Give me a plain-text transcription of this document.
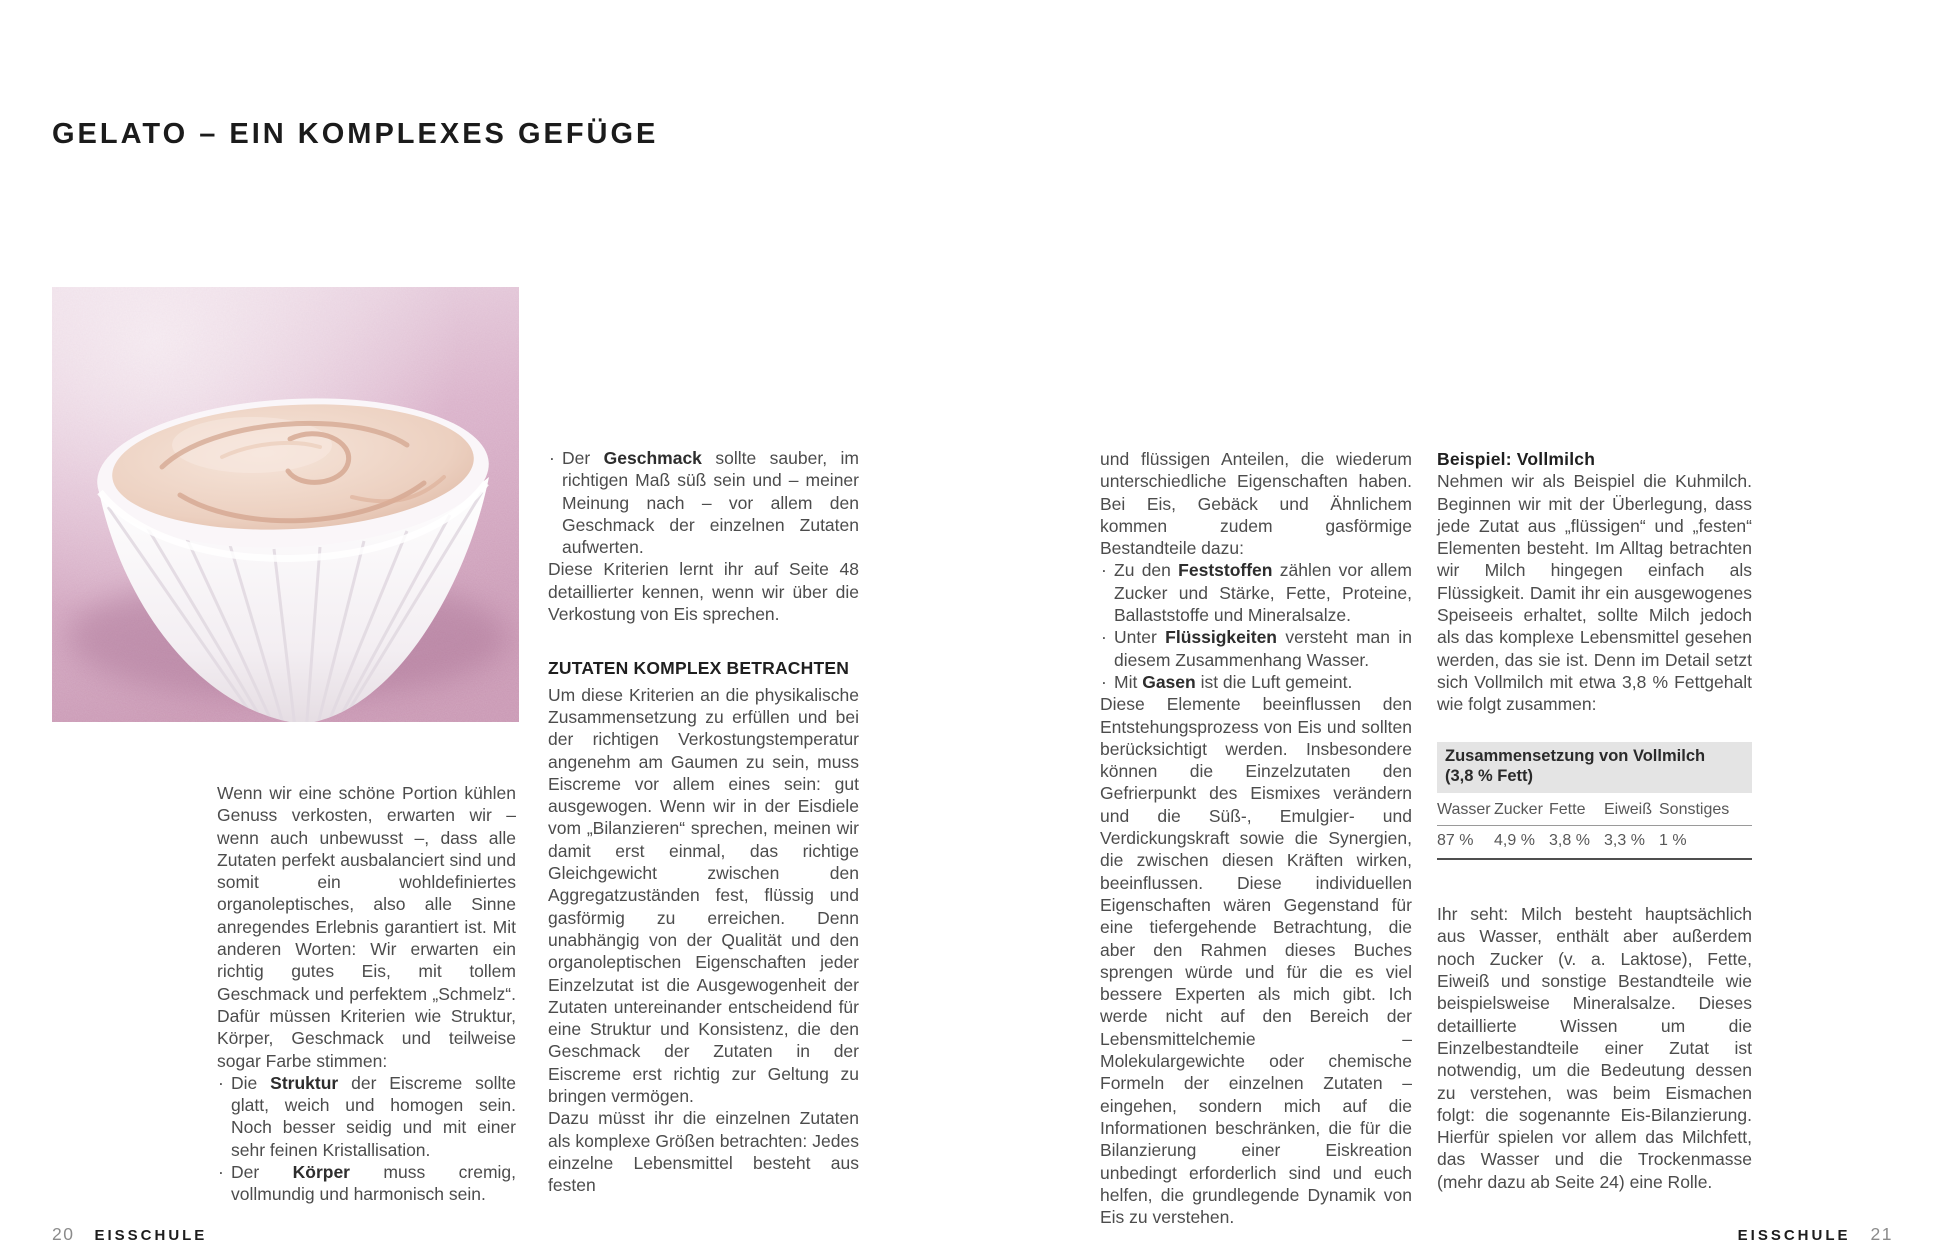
GELATO – EIN KOMPLEXES GEFÜGE

Wenn wir eine schöne Portion kühlen Genuss verkosten, erwarten wir – wenn auch unbewusst –, dass alle Zutaten perfekt ausbalanciert sind und somit ein wohldefiniertes organoleptisches, also alle Sinne anregendes Erlebnis garantiert ist. Mit anderen Worten: Wir erwarten ein richtig gutes Eis, mit tollem Geschmack und perfektem „Schmelz“. Dafür müssen Kriterien wie Struktur, Körper, Geschmack und teilweise sogar Farbe stimmen:

· Die Struktur der Eiscreme sollte glatt, weich und homogen sein. Noch besser seidig und mit einer sehr feinen Kristallisation.
· Der Körper muss cremig, vollmundig und harmonisch sein.
· Der Geschmack sollte sauber, im richtigen Maß süß sein und – meiner Meinung nach – vor allem den Geschmack der einzelnen Zutaten aufwerten.

Diese Kriterien lernt ihr auf Seite 48 detaillierter kennen, wenn wir über die Verkostung von Eis sprechen.

ZUTATEN KOMPLEX BETRACHTEN

Um diese Kriterien an die physikalische Zusammensetzung zu erfüllen und bei der richtigen Verkostungstemperatur angenehm am Gaumen zu sein, muss Eiscreme vor allem eines sein: gut ausgewogen. Wenn wir in der Eisdiele vom „Bilanzieren“ sprechen, meinen wir damit erst einmal, das richtige Gleichgewicht zwischen den Aggregatzuständen fest, flüssig und gasförmig zu erreichen. Denn unabhängig von der Qualität und den organoleptischen Eigenschaften jeder Einzelzutat ist die Ausgewogenheit der Zutaten untereinander entscheidend für eine Struktur und Konsistenz, die den Geschmack der Zutaten in der Eiscreme erst richtig zur Geltung zu bringen vermögen.

Dazu müsst ihr die einzelnen Zutaten als komplexe Größen betrachten: Jedes einzelne Lebensmittel besteht aus festen

und flüssigen Anteilen, die wiederum unterschiedliche Eigenschaften haben. Bei Eis, Gebäck und Ähnlichem kommen zudem gasförmige Bestandteile dazu:

· Zu den Feststoffen zählen vor allem Zucker und Stärke, Fette, Proteine, Ballaststoffe und Mineralsalze.
· Unter Flüssigkeiten versteht man in diesem Zusammenhang Wasser.
· Mit Gasen ist die Luft gemeint.

Diese Elemente beeinflussen den Entstehungsprozess von Eis und sollten berücksichtigt werden. Insbesondere können die Einzelzutaten den Gefrierpunkt des Eismixes verändern und die Süß-, Emulgier- und Verdickungskraft sowie die Synergien, die zwischen diesen Kräften wirken, beeinflussen. Diese individuellen Eigenschaften wären Gegenstand für eine tiefergehende Betrachtung, die aber den Rahmen dieses Buches sprengen würde und für die es viel bessere Experten als mich gibt. Ich werde nicht auf den Bereich der Lebensmittelchemie – Molekulargewichte oder chemische Formeln der einzelnen Zutaten – eingehen, sondern mich auf die Informationen beschränken, die für die Bilanzierung einer Eiskreation unbedingt erforderlich sind und euch helfen, die grundlegende Dynamik von Eis zu verstehen.

Beispiel: Vollmilch

Nehmen wir als Beispiel die Kuhmilch. Beginnen wir mit der Überlegung, dass jede Zutat aus „flüssigen“ und „festen“ Elementen besteht. Im Alltag betrachten wir Milch hingegen einfach als Flüssigkeit. Damit ihr ein ausgewogenes Speiseeis erhaltet, sollte Milch jedoch als das komplexe Lebensmittel gesehen werden, das sie ist. Denn im Detail setzt sich Vollmilch mit etwa 3,8 % Fettgehalt wie folgt zusammen:

Zusammensetzung von Vollmilch
(3,8 % Fett)
Wasser Zucker Fette	Eiweiß Sonstiges
87 %	4,9 % 3,8 % 3,3 % 1 %

Ihr seht: Milch besteht hauptsächlich aus Wasser, enthält aber außerdem noch Zucker (v. a. Laktose), Fette, Eiweiß und sonstige Bestandteile wie beispielsweise Mineralsalze. Dieses detaillierte Wissen um die Einzelbestandteile einer Zutat ist notwendig, um die Bedeutung dessen zu verstehen, was beim Eismachen folgt: die sogenannte Eis-Bilanzierung. Hierfür spielen vor allem das Milchfett, das Wasser und die Trockenmasse (mehr dazu ab Seite 24) eine Rolle.

20 EISSCHULE	EISSCHULE 21
